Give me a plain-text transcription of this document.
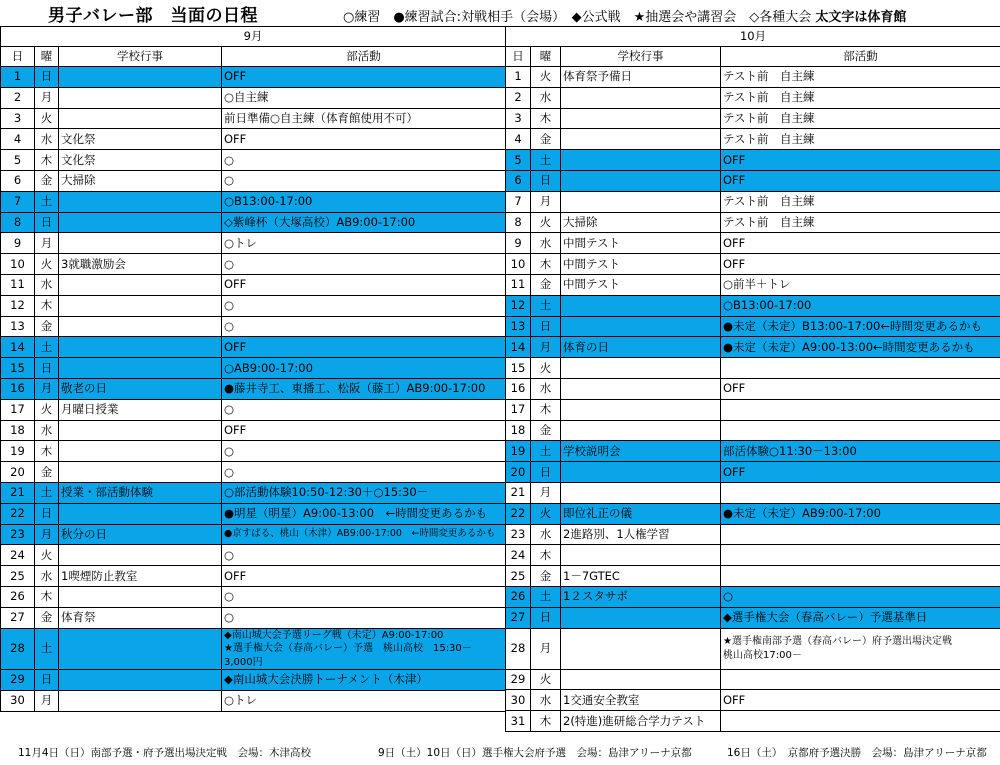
男子バレー部　当面の日程	○練習　●練習試合:対戦相手（会場）　◆公式戦　★抽選会や講習会　◇各種大会 太文字は体育館
9月			
日	曜	学校行事	部活動
1	日		OFF
2	月		○自主練
3	火		前日準備○自主練（体育館使用不可）
4	水	文化祭	OFF
5	木	文化祭	○
6	金	大掃除	○
7	土		○B13:00-17:00
8	日		◇紫峰杯（大塚高校）AB9:00-17:00
9	月		○トレ
10	火	3就職激励会	○
11	水		OFF
12	木		○
13	金		○
14	土		OFF
15	日		○AB9:00-17:00
16	月	敬老の日	●藤井寺工、東播工、松阪（藤工）AB9:00-17:00
17	火	月曜日授業	○
18	水		OFF
19	木		○
20	金		○
21	土	授業・部活動体験	○部活動体験10:50-12:30＋○15:30－
22	日		●明星（明星）A9:00-13:00　←時間変更あるかも
23	月	秋分の日	●京すばる、桃山（木津）AB9:00-17:00　←時間変更あるかも
24	火		○
25	水	1喫煙防止教室	OFF
26	木		○
27	金	体育祭	○
28	土		◆南山城大会予選リーグ戦（未定）A9:00-17:00
★選手権大会（春高バレー）予選　桃山高校　15:30－
3,000円

29	日		◆南山城大会決勝トーナメント（木津）
30	月		○トレ
10月			
日	曜	学校行事	部活動
1	火	体育祭予備日	テスト前　自主練
2	水		テスト前　自主練
3	木		テスト前　自主練
4	金		テスト前　自主練
5	土		OFF
6	日		OFF
7	月		テスト前　自主練
8	火	大掃除	テスト前　自主練
9	水	中間テスト	OFF
10	木	中間テスト	OFF
11	金	中間テスト	○前半＋トレ
12	土		○B13:00-17:00
13	日		●未定（未定）B13:00-17:00←時間変更あるかも
14	月	体育の日	●未定（未定）A9:00-13:00←時間変更あるかも
15	火		
16	水		OFF
17	木		
18	金		
19	土	学校説明会	部活体験○11:30－13:00
20	日		OFF
21	月		
22	火	即位礼正の儀	●未定（未定）AB9:00-17:00
23	水	2進路別、1人権学習	
24	木		
25	金	1－7GTEC	
26	土	1２スタサポ	○
27	日		◆選手権大会（春高バレー）予選基準日
28	月		★選手権南部予選（春高バレー）府予選出場決定戦
桃山高校17:00－

29	火		
30	水	1交通安全教室	OFF
31	木	2(特進)進研総合学力テスト	
11月4日（日）南部予選・府予選出場決定戦　会場：木津高校	9日（土）10日（日）選手権大会府予選　会場：島津アリーナ京都	16日（土）　京都府予選決勝　会場：島津アリーナ京都
